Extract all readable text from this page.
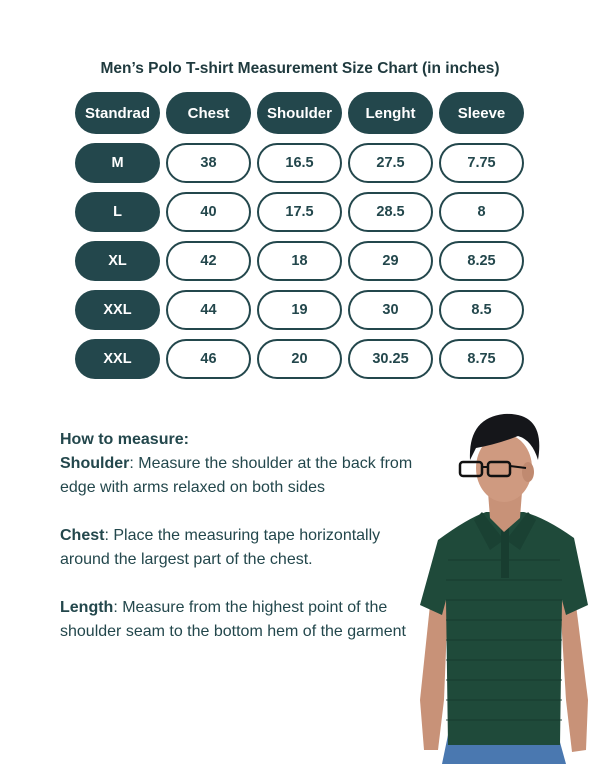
Men’s Polo T-shirt Measurement Size Chart (in inches)
Standrad	Chest	Shoulder	Lenght	Sleeve
M	38	16.5	27.5	7.75
L	40	17.5	28.5	8
XL	42	18	29	8.25
XXL	44	19	30	8.5
XXL	46	20	30.25	8.75
How to measure:

Shoulder: Measure the shoulder at the back from edge with arms relaxed on both sides

Chest: Place the measuring tape horizontally around the largest part of the chest.

Length: Measure from the highest point of the shoulder seam to the bottom hem of the garment
